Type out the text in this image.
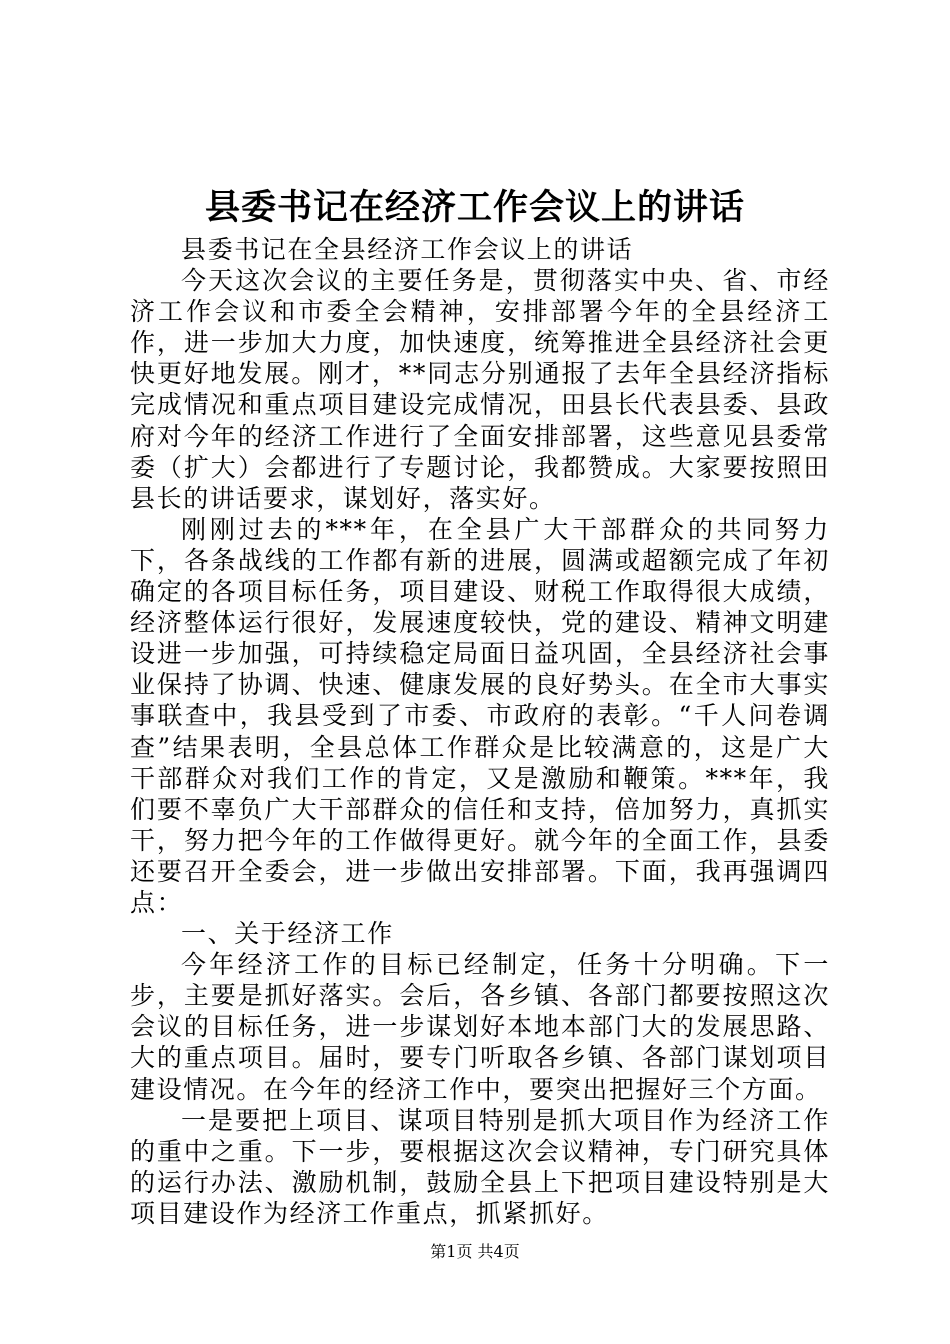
县委书记在经济工作会议上的讲话

县委书记在全县经济工作会议上的讲话

今天这次会议的主要任务是，贯彻落实中央、省、市经济工作会议和市委全会精神，安排部署今年的全县经济工作，进一步加大力度，加快速度，统筹推进全县经济社会更快更好地发展。刚才，**同志分别通报了去年全县经济指标完成情况和重点项目建设完成情况，田县长代表县委、县政府对今年的经济工作进行了全面安排部署，这些意见县委常委（扩大）会都进行了专题讨论，我都赞成。大家要按照田县长的讲话要求，谋划好，落实好。

刚刚过去的***年，在全县广大干部群众的共同努力下，各条战线的工作都有新的进展，圆满或超额完成了年初确定的各项目标任务，项目建设、财税工作取得很大成绩，经济整体运行很好，发展速度较快，党的建设、精神文明建设进一步加强，可持续稳定局面日益巩固，全县经济社会事业保持了协调、快速、健康发展的良好势头。在全市大事实事联查中，我县受到了市委、市政府的表彰。“千人问卷调查”结果表明，全县总体工作群众是比较满意的，这是广大干部群众对我们工作的肯定，又是激励和鞭策。***年，我们要不辜负广大干部群众的信任和支持，倍加努力，真抓实干，努力把今年的工作做得更好。就今年的全面工作，县委还要召开全委会，进一步做出安排部署。下面，我再强调四点：

一、关于经济工作

今年经济工作的目标已经制定，任务十分明确。下一步，主要是抓好落实。会后，各乡镇、各部门都要按照这次会议的目标任务，进一步谋划好本地本部门大的发展思路、大的重点项目。届时，要专门听取各乡镇、各部门谋划项目建设情况。在今年的经济工作中，要突出把握好三个方面。

一是要把上项目、谋项目特别是抓大项目作为经济工作的重中之重。下一步，要根据这次会议精神，专门研究具体的运行办法、激励机制，鼓励全县上下把项目建设特别是大项目建设作为经济工作重点，抓紧抓好。

第1页 共4页
